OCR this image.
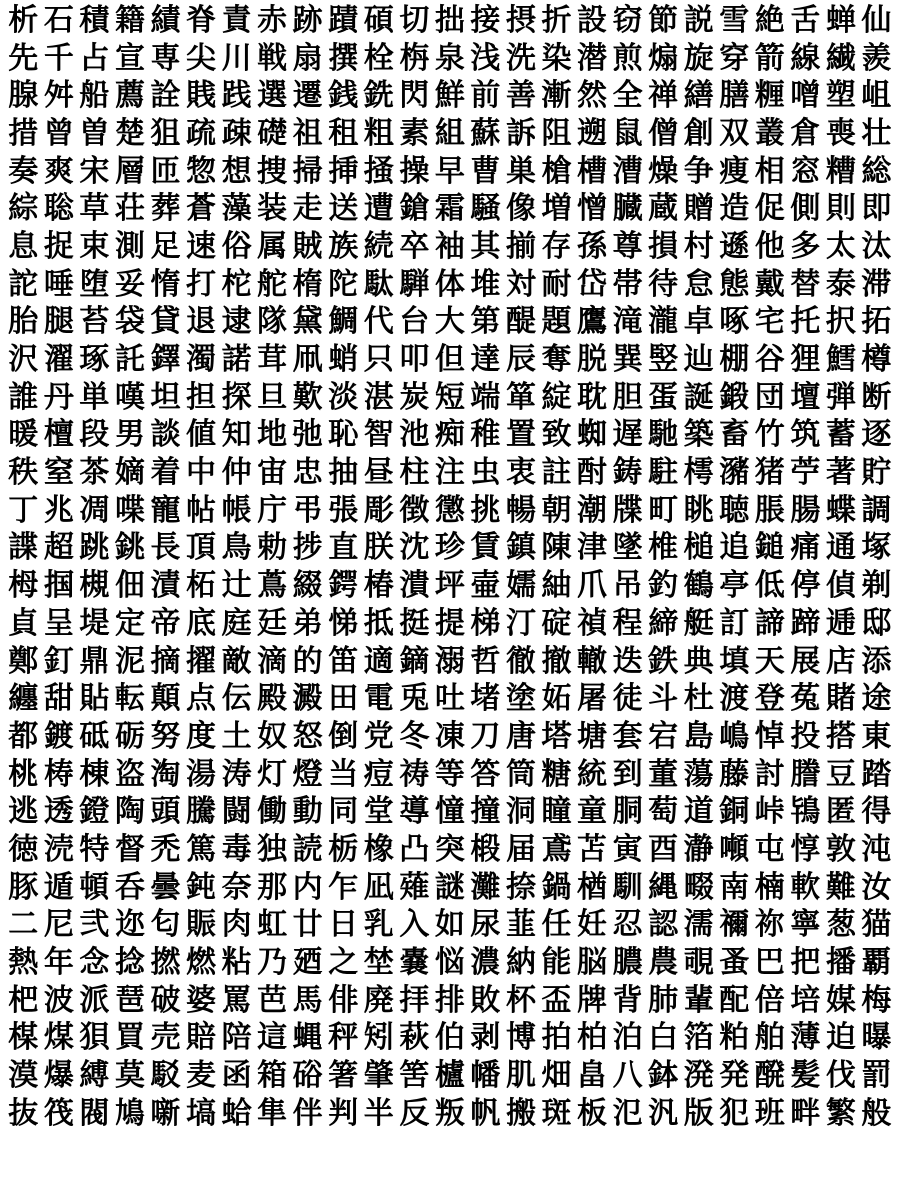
析 石 積 籍 績 脊 責 赤 跡 蹟 碩 切 拙 接 摂 折 設 窃 節 説 雪 絶 舌 蝉 仙
先 千 占 宣 専 尖 川 戦 扇 撰 栓 栴 泉 浅 洗 染 潜 煎 煽 旋 穿 箭 線 繊 羨
腺 舛 船 薦 詮 賎 践 選 遷 銭 銑 閃 鮮 前 善 漸 然 全 禅 繕 膳 糎 噌 塑 岨
措 曾 曽 楚 狙 疏 疎 礎 祖 租 粗 素 組 蘇 訴 阻 遡 鼠 僧 創 双 叢 倉 喪 壮
奏 爽 宋 層 匝 惣 想 捜 掃 挿 掻 操 早 曹 巣 槍 槽 漕 燥 争 痩 相 窓 糟 総
綜 聡 草 荘 葬 蒼 藻 装 走 送 遭 鎗 霜 騒 像 増 憎 臓 蔵 贈 造 促 側 則 即
息 捉 束 測 足 速 俗 属 賊 族 続 卒 袖 其 揃 存 孫 尊 損 村 遜 他 多 太 汰
詑 唾 堕 妥 惰 打 柁 舵 楕 陀 駄 騨 体 堆 対 耐 岱 帯 待 怠 態 戴 替 泰 滞
胎 腿 苔 袋 貸 退 逮 隊 黛 鯛 代 台 大 第 醍 題 鷹 滝 瀧 卓 啄 宅 托 択 拓
沢 濯 琢 託 鐸 濁 諾 茸 凧 蛸 只 叩 但 達 辰 奪 脱 巽 竪 辿 棚 谷 狸 鱈 樽
誰 丹 単 嘆 坦 担 探 旦 歎 淡 湛 炭 短 端 箪 綻 耽 胆 蛋 誕 鍛 団 壇 弾 断
暖 檀 段 男 談 値 知 地 弛 恥 智 池 痴 稚 置 致 蜘 遅 馳 築 畜 竹 筑 蓄 逐
秩 窒 茶 嫡 着 中 仲 宙 忠 抽 昼 柱 注 虫 衷 註 酎 鋳 駐 樗 瀦 猪 苧 著 貯
丁 兆 凋 喋 寵 帖 帳 庁 弔 張 彫 徴 懲 挑 暢 朝 潮 牒 町 眺 聴 脹 腸 蝶 調
諜 超 跳 銚 長 頂 鳥 勅 捗 直 朕 沈 珍 賃 鎮 陳 津 墜 椎 槌 追 鎚 痛 通 塚
栂 掴 槻 佃 漬 柘 辻 蔦 綴 鍔 椿 潰 坪 壷 嬬 紬 爪 吊 釣 鶴 亭 低 停 偵 剃
貞 呈 堤 定 帝 底 庭 廷 弟 悌 抵 挺 提 梯 汀 碇 禎 程 締 艇 訂 諦 蹄 逓 邸
鄭 釘 鼎 泥 摘 擢 敵 滴 的 笛 適 鏑 溺 哲 徹 撤 轍 迭 鉄 典 填 天 展 店 添
纏 甜 貼 転 顛 点 伝 殿 澱 田 電 兎 吐 堵 塗 妬 屠 徒 斗 杜 渡 登 菟 賭 途
都 鍍 砥 砺 努 度 土 奴 怒 倒 党 冬 凍 刀 唐 塔 塘 套 宕 島 嶋 悼 投 搭 東
桃 梼 棟 盗 淘 湯 涛 灯 燈 当 痘 祷 等 答 筒 糖 統 到 董 蕩 藤 討 謄 豆 踏
逃 透 鐙 陶 頭 騰 闘 働 動 同 堂 導 憧 撞 洞 瞳 童 胴 萄 道 銅 峠 鴇 匿 得
徳 涜 特 督 禿 篤 毒 独 読 栃 橡 凸 突 椴 届 鳶 苫 寅 酉 瀞 噸 屯 惇 敦 沌
豚 遁 頓 呑 曇 鈍 奈 那 内 乍 凪 薙 謎 灘 捺 鍋 楢 馴 縄 畷 南 楠 軟 難 汝
二 尼 弐 迩 匂 賑 肉 虹 廿 日 乳 入 如 尿 韮 任 妊 忍 認 濡 禰 祢 寧 葱 猫
熱 年 念 捻 撚 燃 粘 乃 廼 之 埜 嚢 悩 濃 納 能 脳 膿 農 覗 蚤 巴 把 播 覇
杷 波 派 琶 破 婆 罵 芭 馬 俳 廃 拝 排 敗 杯 盃 牌 背 肺 輩 配 倍 培 媒 梅
楳 煤 狽 買 売 賠 陪 這 蝿 秤 矧 萩 伯 剥 博 拍 柏 泊 白 箔 粕 舶 薄 迫 曝
漠 爆 縛 莫 駁 麦 函 箱 硲 箸 肇 筈 櫨 幡 肌 畑 畠 八 鉢 溌 発 醗 髪 伐 罰
抜 筏 閥 鳩 噺 塙 蛤 隼 伴 判 半 反 叛 帆 搬 斑 板 氾 汎 版 犯 班 畔 繁 般
